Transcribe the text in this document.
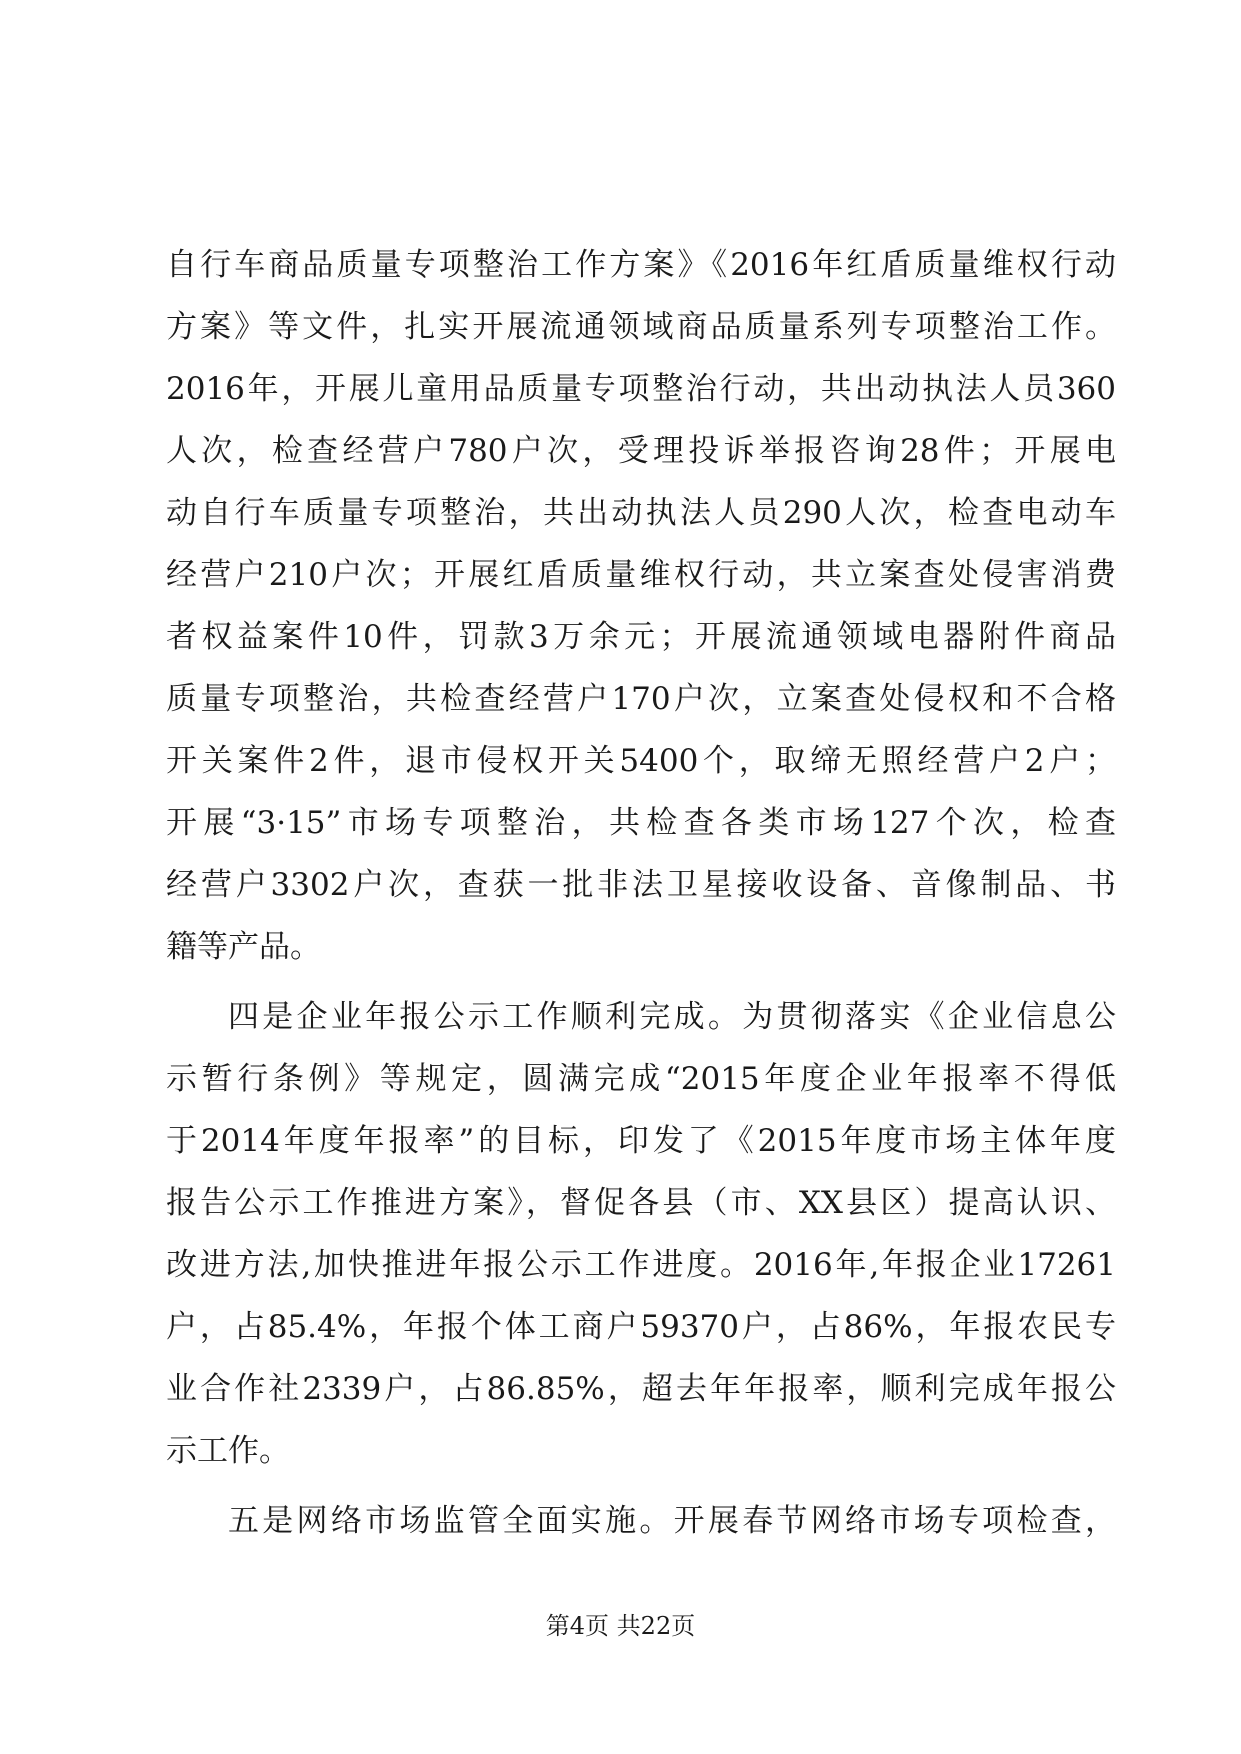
自行车商品质量专项整治工作方案》《2016年红盾质量维权行动
方案》等文件，扎实开展流通领域商品质量系列专项整治工作。
2016年，开展儿童用品质量专项整治行动，共出动执法人员360
人次，检查经营户780户次，受理投诉举报咨询28件；开展电
动自行车质量专项整治，共出动执法人员290人次，检查电动车
经营户210户次；开展红盾质量维权行动，共立案查处侵害消费
者权益案件10件，罚款3万余元；开展流通领域电器附件商品
质量专项整治，共检查经营户170户次，立案查处侵权和不合格
开关案件2件，退市侵权开关5400个，取缔无照经营户2户；
开展“3·15”市场专项整治，共检查各类市场127个次，检查
经营户3302户次，查获一批非法卫星接收设备、音像制品、书
籍等产品。
四是企业年报公示工作顺利完成。为贯彻落实《企业信息公
示暂行条例》等规定，圆满完成“2015年度企业年报率不得低
于2014年度年报率”的目标，印发了《2015年度市场主体年度
报告公示工作推进方案》，督促各县（市、XX县区）提高认识、
改进方法,加快推进年报公示工作进度。2016年,年报企业17261
户，占85.4%，年报个体工商户59370户，占86%，年报农民专
业合作社2339户，占86.85%，超去年年报率，顺利完成年报公
示工作。
五是网络市场监管全面实施。开展春节网络市场专项检查，
第4页 共22页
